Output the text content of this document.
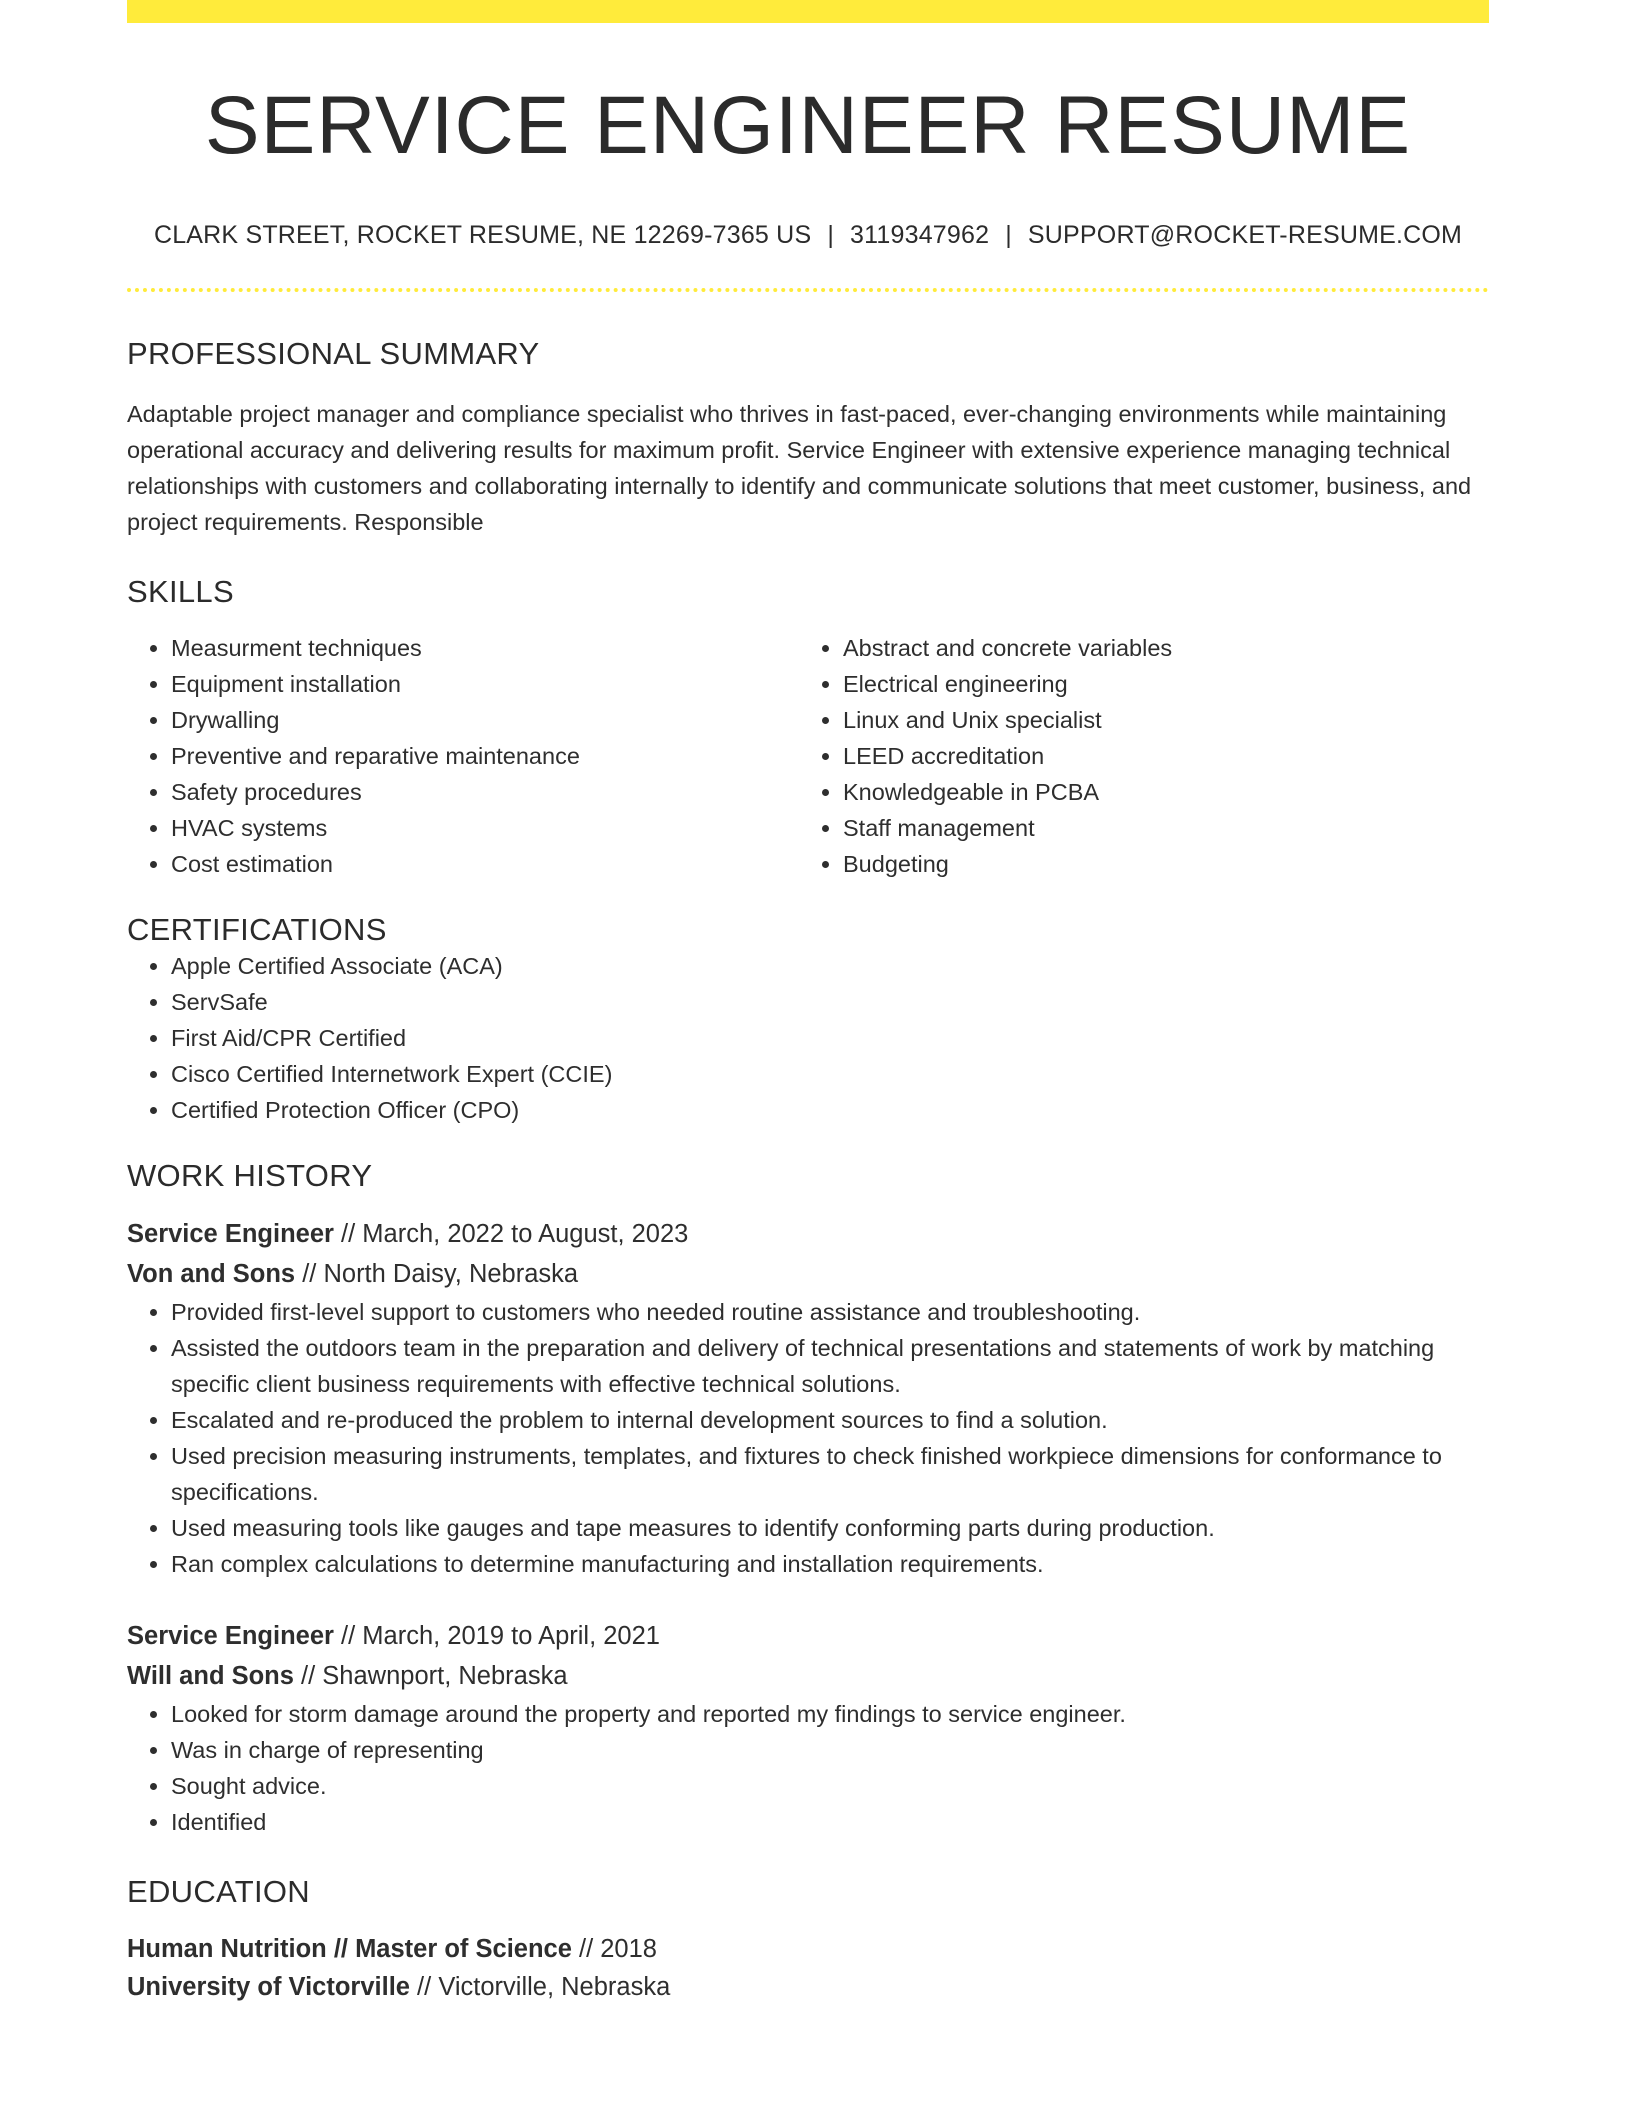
SERVICE ENGINEER RESUME
CLARK STREET, ROCKET RESUME, NE 12269-7365 US | 3119347962 | SUPPORT@ROCKET-RESUME.COM
PROFESSIONAL SUMMARY
Adaptable project manager and compliance specialist who thrives in fast-paced, ever-changing environments while maintaining operational accuracy and delivering results for maximum profit. Service Engineer with extensive experience managing technical relationships with customers and collaborating internally to identify and communicate solutions that meet customer, business, and project requirements. Responsible
SKILLS
• Measurment techniques
• Equipment installation
• Drywalling
• Preventive and reparative maintenance
• Safety procedures
• HVAC systems
• Cost estimation
• Abstract and concrete variables
• Electrical engineering
• Linux and Unix specialist
• LEED accreditation
• Knowledgeable in PCBA
• Staff management
• Budgeting
CERTIFICATIONS
• Apple Certified Associate (ACA)
• ServSafe
• First Aid/CPR Certified
• Cisco Certified Internetwork Expert (CCIE)
• Certified Protection Officer (CPO)
WORK HISTORY
Service Engineer // March, 2022 to August, 2023
Von and Sons // North Daisy, Nebraska
• Provided first-level support to customers who needed routine assistance and troubleshooting.
• Assisted the outdoors team in the preparation and delivery of technical presentations and statements of work by matching specific client business requirements with effective technical solutions.
• Escalated and re-produced the problem to internal development sources to find a solution.
• Used precision measuring instruments, templates, and fixtures to check finished workpiece dimensions for conformance to specifications.
• Used measuring tools like gauges and tape measures to identify conforming parts during production.
• Ran complex calculations to determine manufacturing and installation requirements.
Service Engineer // March, 2019 to April, 2021
Will and Sons // Shawnport, Nebraska
• Looked for storm damage around the property and reported my findings to service engineer.
• Was in charge of representing
• Sought advice.
• Identified
EDUCATION
Human Nutrition // Master of Science // 2018
University of Victorville // Victorville, Nebraska
